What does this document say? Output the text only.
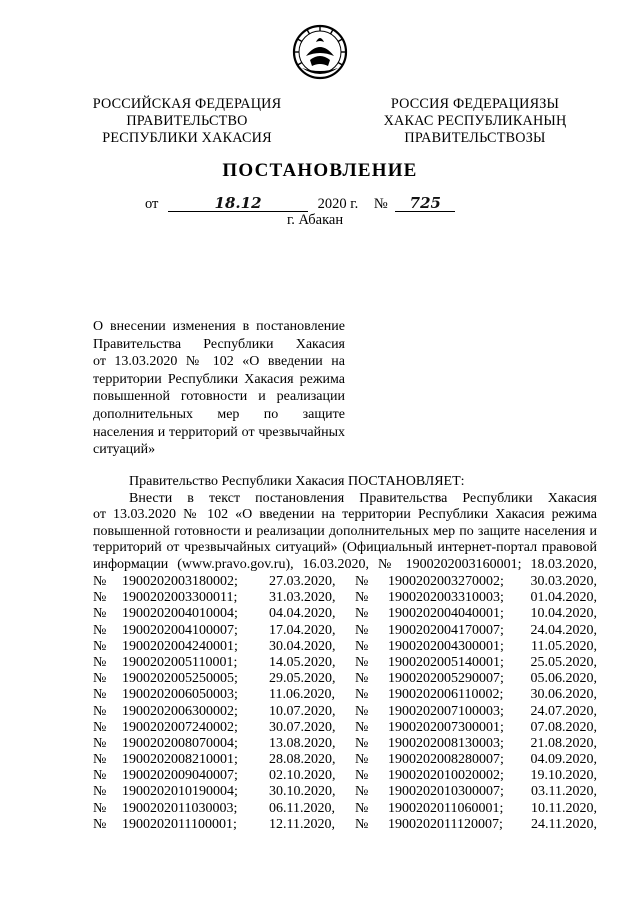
РОССИЙСКАЯ ФЕДЕРАЦИЯ
ПРАВИТЕЛЬСТВО
РЕСПУБЛИКИ ХАКАСИЯ
РОССИЯ ФЕДЕРАЦИЯЗЫ
ХАКАС РЕСПУБЛИКАНЫҢ
ПРАВИТЕЛЬСТВОЗЫ
ПОСТАНОВЛЕНИЕ
от	18.12	2020 г. № 725
г. Абакан
О внесении изменения в постановление
Правительства Республики Хакасия
от 13.03.2020 № 102 «О введении на
территории Республики Хакасия режима
повышенной готовности и реализации
дополнительных мер по защите
населения и территорий от чрезвычайных
ситуаций»
Правительство Республики Хакасия ПОСТАНОВЛЯЕТ:
Внести в текст постановления Правительства Республики Хакасия
от 13.03.2020 № 102 «О введении на территории Республики Хакасия режима
повышенной готовности и реализации дополнительных мер по защите населения и
территорий от чрезвычайных ситуаций» (Официальный интернет-портал правовой
информации (www.pravo.gov.ru), 16.03.2020, № 1900202003160001; 18.03.2020,
№ 1900202003180002; 27.03.2020, № 1900202003270002; 30.03.2020,
№ 1900202003300011; 31.03.2020, № 1900202003310003; 01.04.2020,
№ 1900202004010004; 04.04.2020, № 1900202004040001; 10.04.2020,
№ 1900202004100007; 17.04.2020, № 1900202004170007; 24.04.2020,
№ 1900202004240001; 30.04.2020, № 1900202004300001; 11.05.2020,
№ 1900202005110001; 14.05.2020, № 1900202005140001; 25.05.2020,
№ 1900202005250005; 29.05.2020, № 1900202005290007; 05.06.2020,
№ 1900202006050003; 11.06.2020, № 1900202006110002; 30.06.2020,
№ 1900202006300002; 10.07.2020, № 1900202007100003; 24.07.2020,
№ 1900202007240002; 30.07.2020, № 1900202007300001; 07.08.2020,
№ 1900202008070004; 13.08.2020, № 1900202008130003; 21.08.2020,
№ 1900202008210001; 28.08.2020, № 1900202008280007; 04.09.2020,
№ 1900202009040007; 02.10.2020, № 1900202010020002; 19.10.2020,
№ 1900202010190004; 30.10.2020, № 1900202010300007; 03.11.2020,
№ 1900202011030003; 06.11.2020, № 1900202011060001; 10.11.2020,
№ 1900202011100001; 12.11.2020, № 1900202011120007; 24.11.2020,
